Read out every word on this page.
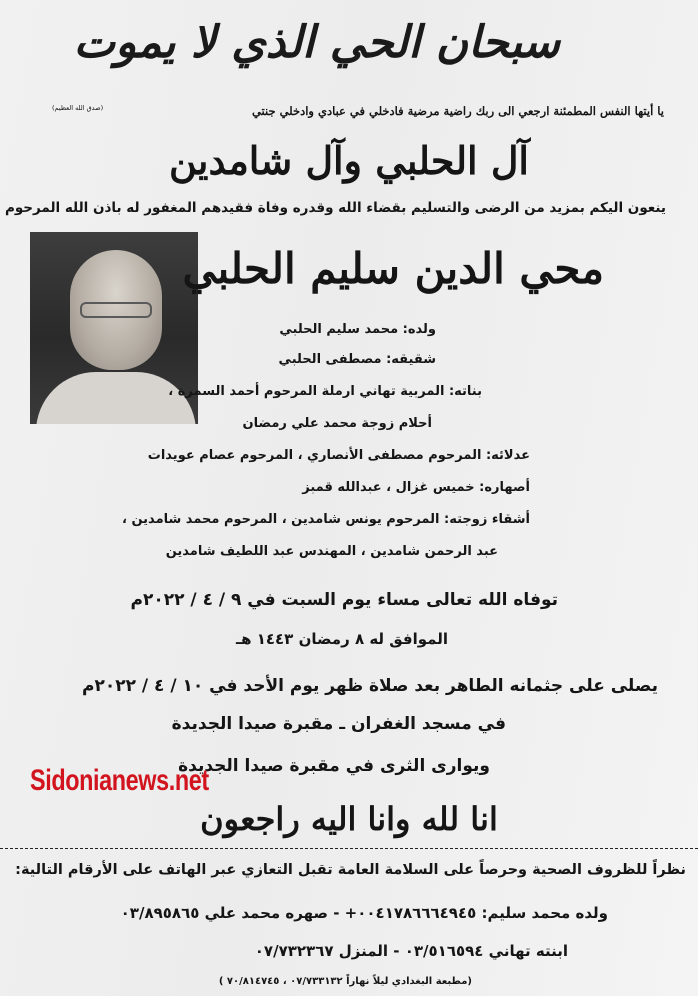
سبحان الحي الذي لا يموت
يا أيتها النفس المطمئنة ارجعي الى ربك راضية مرضية فادخلي في عبادي وادخلي جنتي
(صدق الله العظيم)
آل الحلبي وآل شامدين
ينعون اليكم بمزيد من الرضى والتسليم بقضاء الله وقدره وفاة فقيدهم المغفور له باذن الله المرحوم
محي الدين سليم الحلبي
ولده: محمد سليم الحلبي
شقيقه: مصطفى الحلبي
بناته: المربية تهاني ارملة المرحوم أحمد السمرة ،
أحلام زوجة محمد علي رمضان
عدلائه: المرحوم مصطفى الأنصاري ، المرحوم عصام عويدات
أصهاره: خميس غزال ، عبدالله قمبز
أشقاء زوجته: المرحوم يونس شامدين ، المرحوم محمد شامدين ،
عبد الرحمن شامدين ، المهندس عبد اللطيف شامدين
توفاه الله تعالى مساء يوم السبت في ٩ / ٤ / ٢٠٢٢م
الموافق له ٨ رمضان ١٤٤٣ هـ
يصلى على جثمانه الطاهر بعد صلاة ظهر يوم الأحد في ١٠ / ٤ / ٢٠٢٢م
في مسجد الغفران ـ مقبرة صيدا الجديدة
ويوارى الثرى في مقبرة صيدا الجديدة
Sidonianews.net
انا لله وانا اليه راجعون
نظراً للظروف الصحية وحرصاً على السلامة العامة تقبل التعازي عبر الهاتف على الأرقام التالية:
ولده محمد سليم: ٠٠٤١٧٨٦٦٦٤٩٤٥+ - صهره محمد علي ٠٣/٨٩٥٨٦٥
ابنته تهاني ٠٣/٥١٦٥٩٤ - المنزل ٠٧/٧٣٢٣٦٧
(مطبعة البغدادي ليلاً نهاراً ٠٧/٧٣٣١٣٢ ، ٧٠/٨١٤٧٤٥ )
